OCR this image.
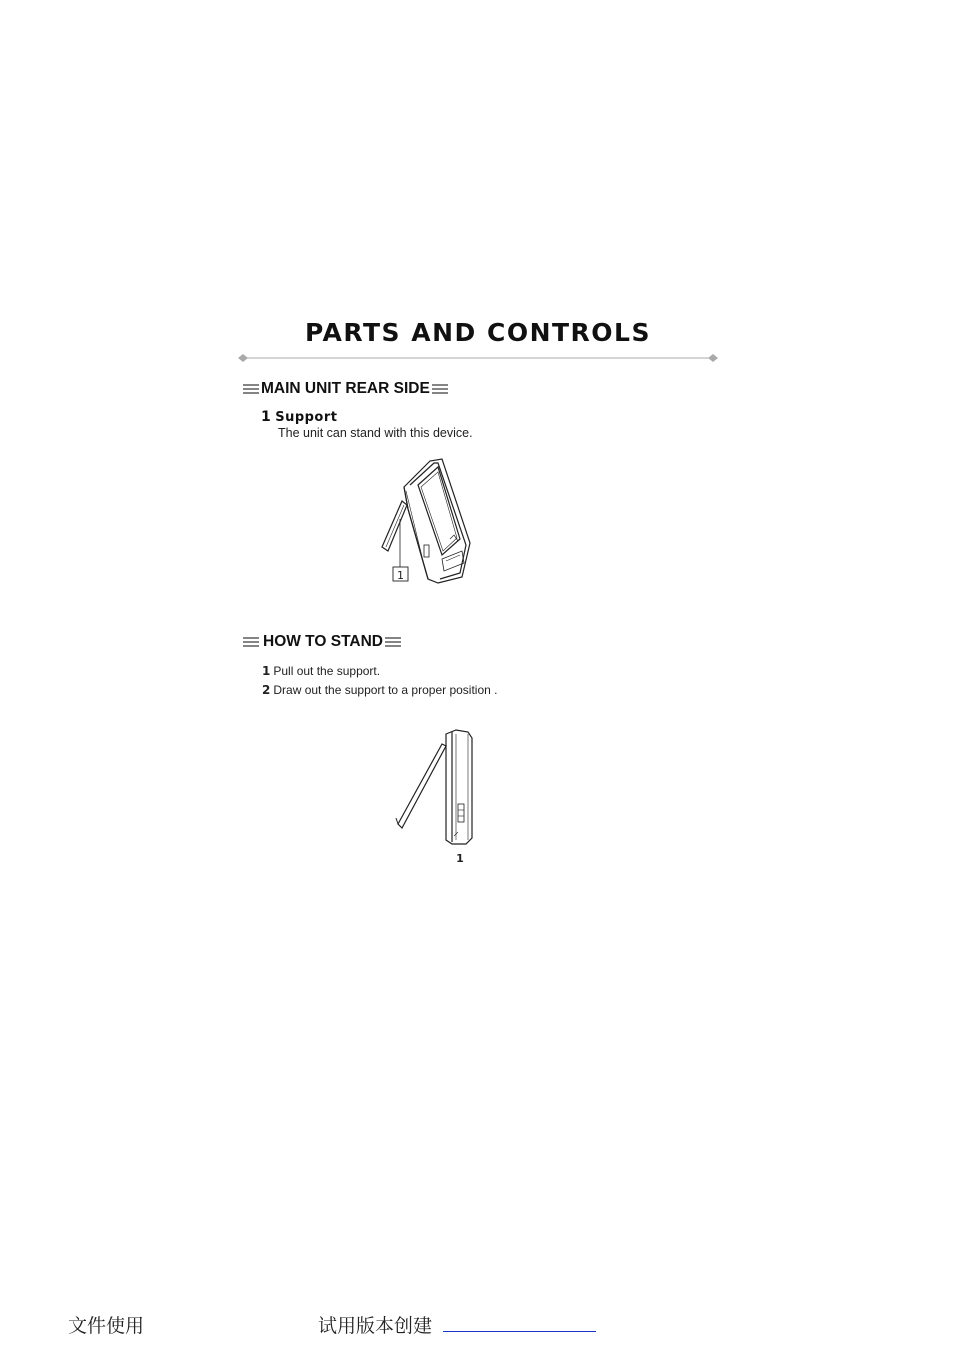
PARTS AND CONTROLS
MAIN UNIT REAR SIDE
1 Support
The unit can stand with this device.
1
HOW TO STAND
1 Pull out the support.
2 Draw out the support to a proper position .
1
文件使用	试用版本创建
